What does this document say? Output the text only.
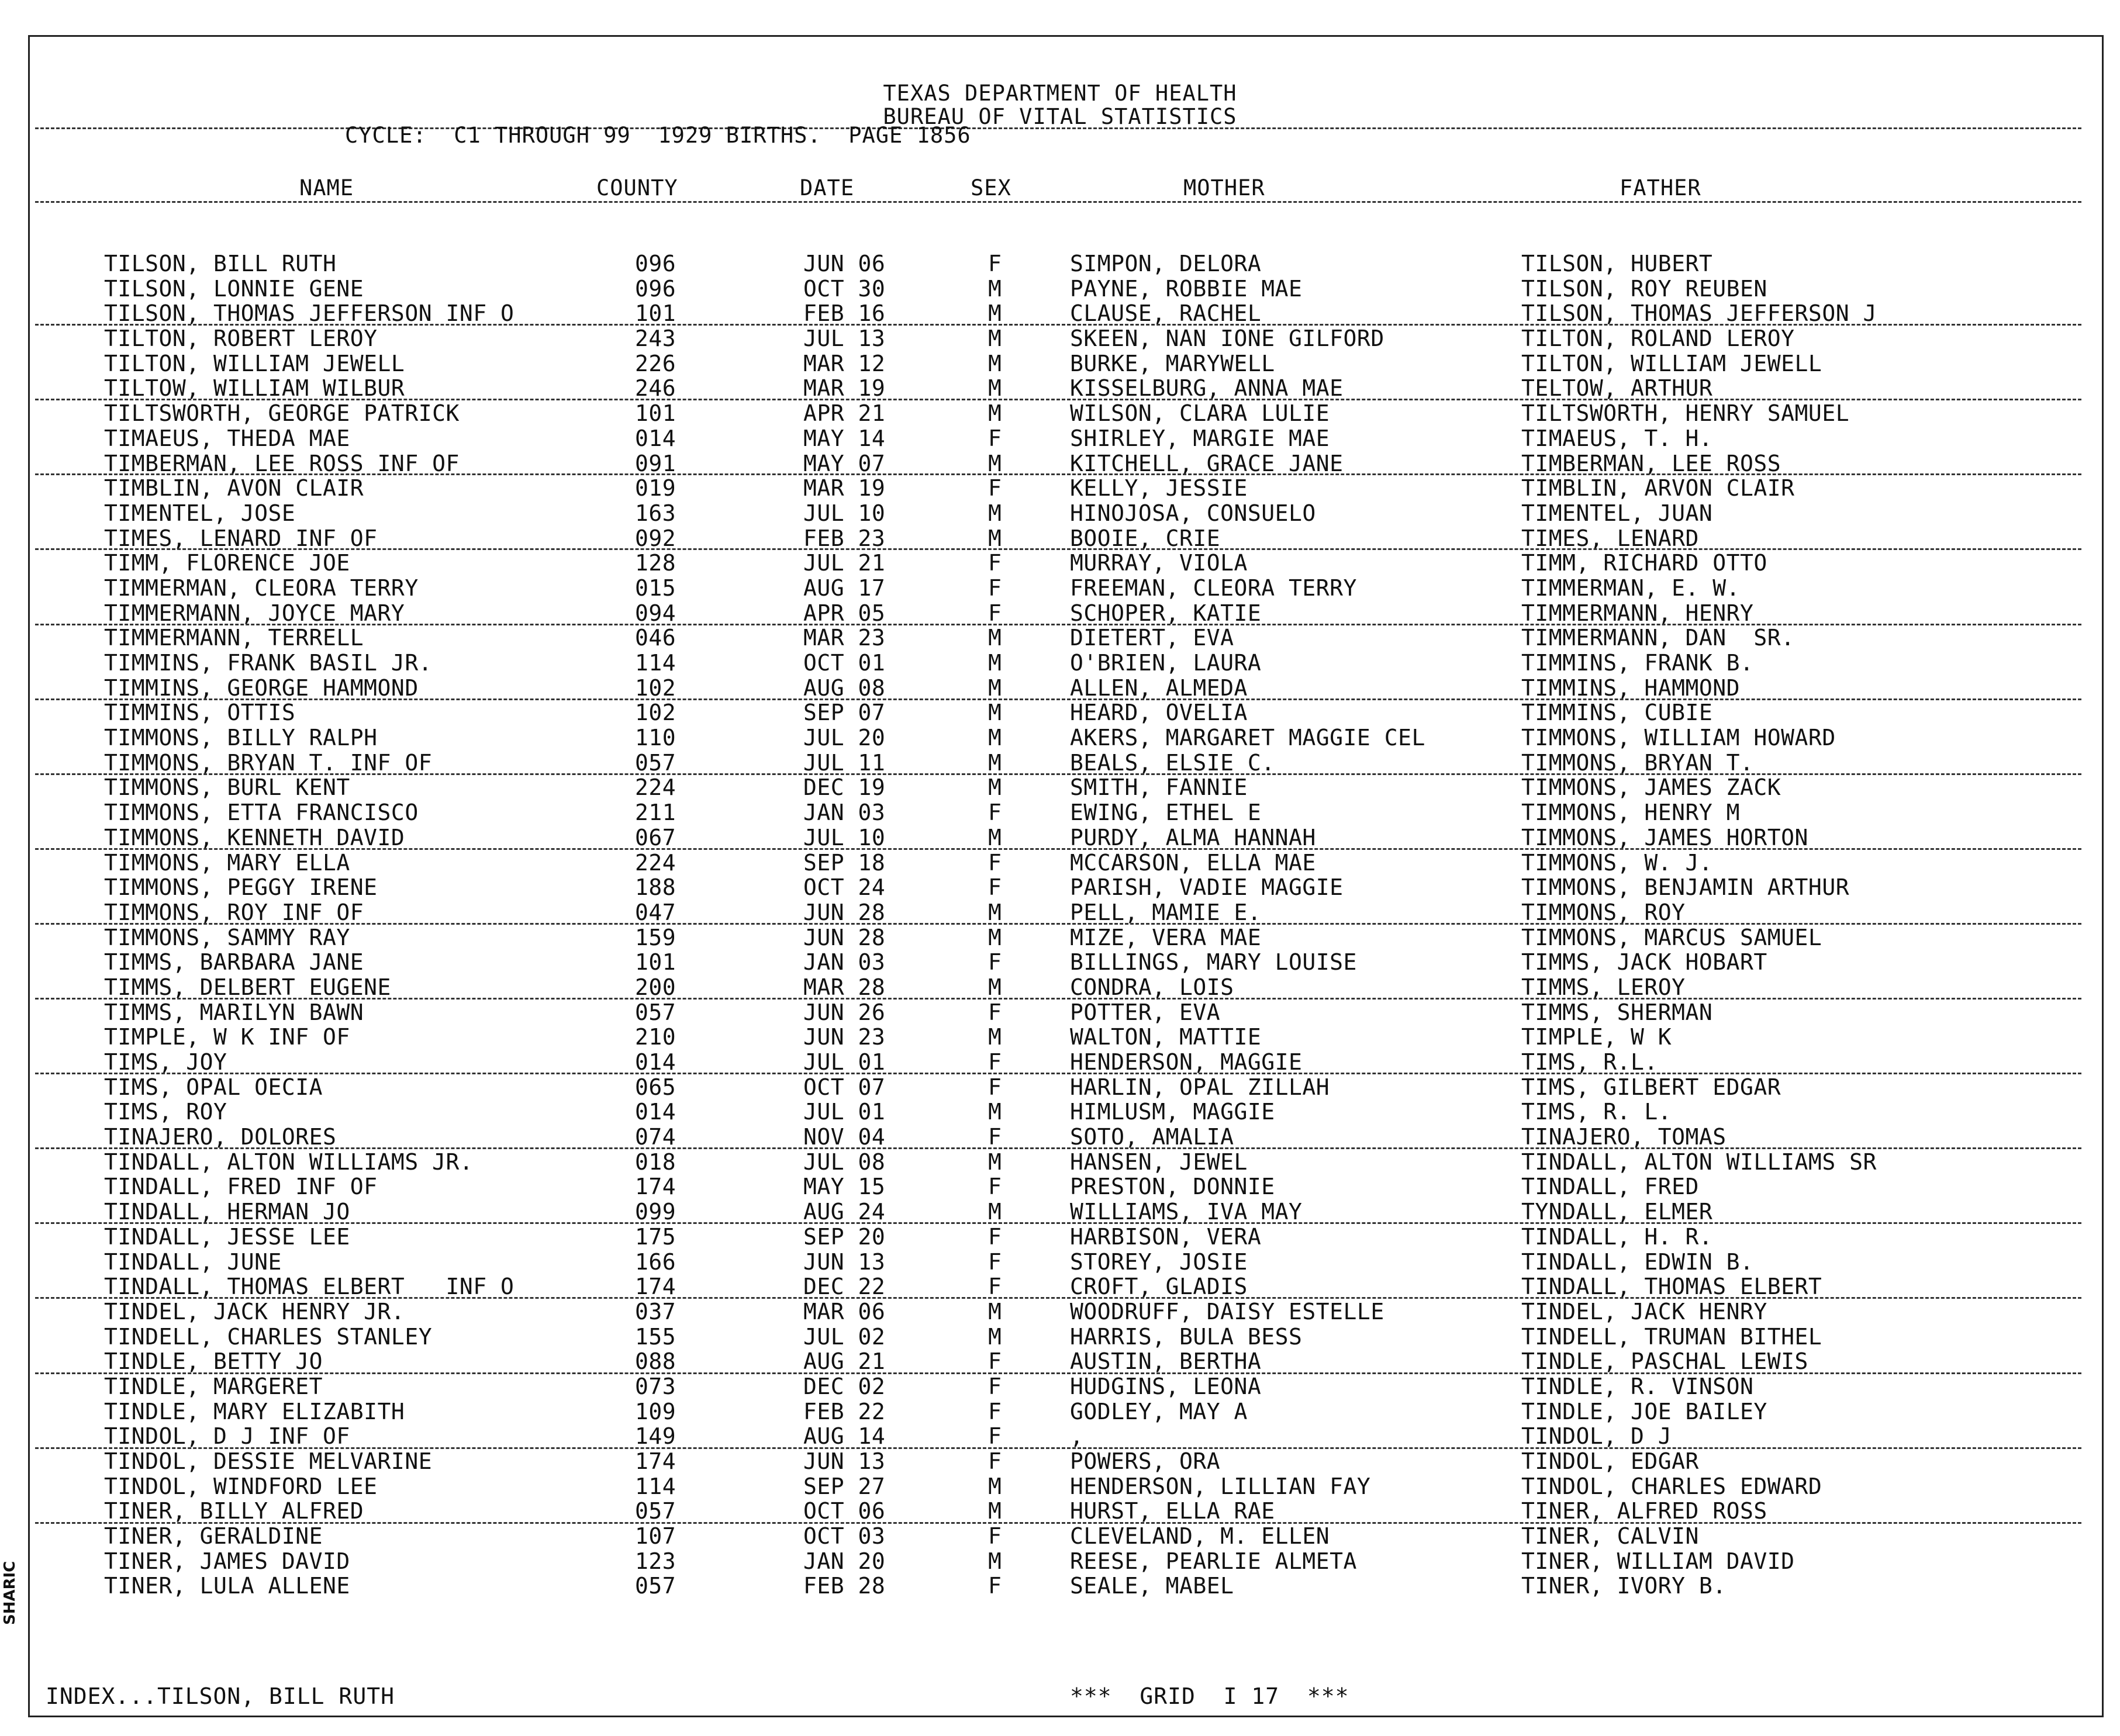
SHARIC
TEXAS DEPARTMENT OF HEALTH
BUREAU OF VITAL STATISTICS
CYCLE:  C1 THROUGH 99  1929 BIRTHS.  PAGE 1856
NAME	COUNTY	DATE	SEX	MOTHER	FATHER
TILSON, BILL RUTH	096	JUN 06	F	SIMPON, DELORA	TILSON, HUBERT
TILSON, LONNIE GENE	096	OCT 30	M	PAYNE, ROBBIE MAE	TILSON, ROY REUBEN
TILSON, THOMAS JEFFERSON INF O	101	FEB 16	M	CLAUSE, RACHEL	TILSON, THOMAS JEFFERSON J
TILTON, ROBERT LEROY	243	JUL 13	M	SKEEN, NAN IONE GILFORD	TILTON, ROLAND LEROY
TILTON, WILLIAM JEWELL	226	MAR 12	M	BURKE, MARYWELL	TILTON, WILLIAM JEWELL
TILTOW, WILLIAM WILBUR	246	MAR 19	M	KISSELBURG, ANNA MAE	TELTOW, ARTHUR
TILTSWORTH, GEORGE PATRICK	101	APR 21	M	WILSON, CLARA LULIE	TILTSWORTH, HENRY SAMUEL
TIMAEUS, THEDA MAE	014	MAY 14	F	SHIRLEY, MARGIE MAE	TIMAEUS, T. H.
TIMBERMAN, LEE ROSS INF OF	091	MAY 07	M	KITCHELL, GRACE JANE	TIMBERMAN, LEE ROSS
TIMBLIN, AVON CLAIR	019	MAR 19	F	KELLY, JESSIE	TIMBLIN, ARVON CLAIR
TIMENTEL, JOSE	163	JUL 10	M	HINOJOSA, CONSUELO	TIMENTEL, JUAN
TIMES, LENARD INF OF	092	FEB 23	M	BOOIE, CRIE	TIMES, LENARD
TIMM, FLORENCE JOE	128	JUL 21	F	MURRAY, VIOLA	TIMM, RICHARD OTTO
TIMMERMAN, CLEORA TERRY	015	AUG 17	F	FREEMAN, CLEORA TERRY	TIMMERMAN, E. W.
TIMMERMANN, JOYCE MARY	094	APR 05	F	SCHOPER, KATIE	TIMMERMANN, HENRY
TIMMERMANN, TERRELL	046	MAR 23	M	DIETERT, EVA	TIMMERMANN, DAN  SR.
TIMMINS, FRANK BASIL JR.	114	OCT 01	M	O'BRIEN, LAURA	TIMMINS, FRANK B.
TIMMINS, GEORGE HAMMOND	102	AUG 08	M	ALLEN, ALMEDA	TIMMINS, HAMMOND
TIMMINS, OTTIS	102	SEP 07	M	HEARD, OVELIA	TIMMINS, CUBIE
TIMMONS, BILLY RALPH	110	JUL 20	M	AKERS, MARGARET MAGGIE CEL	TIMMONS, WILLIAM HOWARD
TIMMONS, BRYAN T. INF OF	057	JUL 11	M	BEALS, ELSIE C.	TIMMONS, BRYAN T.
TIMMONS, BURL KENT	224	DEC 19	M	SMITH, FANNIE	TIMMONS, JAMES ZACK
TIMMONS, ETTA FRANCISCO	211	JAN 03	F	EWING, ETHEL E	TIMMONS, HENRY M
TIMMONS, KENNETH DAVID	067	JUL 10	M	PURDY, ALMA HANNAH	TIMMONS, JAMES HORTON
TIMMONS, MARY ELLA	224	SEP 18	F	MCCARSON, ELLA MAE	TIMMONS, W. J.
TIMMONS, PEGGY IRENE	188	OCT 24	F	PARISH, VADIE MAGGIE	TIMMONS, BENJAMIN ARTHUR
TIMMONS, ROY INF OF	047	JUN 28	M	PELL, MAMIE E.	TIMMONS, ROY
TIMMONS, SAMMY RAY	159	JUN 28	M	MIZE, VERA MAE	TIMMONS, MARCUS SAMUEL
TIMMS, BARBARA JANE	101	JAN 03	F	BILLINGS, MARY LOUISE	TIMMS, JACK HOBART
TIMMS, DELBERT EUGENE	200	MAR 28	M	CONDRA, LOIS	TIMMS, LEROY
TIMMS, MARILYN BAWN	057	JUN 26	F	POTTER, EVA	TIMMS, SHERMAN
TIMPLE, W K INF OF	210	JUN 23	M	WALTON, MATTIE	TIMPLE, W K
TIMS, JOY	014	JUL 01	F	HENDERSON, MAGGIE	TIMS, R.L.
TIMS, OPAL OECIA	065	OCT 07	F	HARLIN, OPAL ZILLAH	TIMS, GILBERT EDGAR
TIMS, ROY	014	JUL 01	M	HIMLUSM, MAGGIE	TIMS, R. L.
TINAJERO, DOLORES	074	NOV 04	F	SOTO, AMALIA	TINAJERO, TOMAS
TINDALL, ALTON WILLIAMS JR.	018	JUL 08	M	HANSEN, JEWEL	TINDALL, ALTON WILLIAMS SR
TINDALL, FRED INF OF	174	MAY 15	F	PRESTON, DONNIE	TINDALL, FRED
TINDALL, HERMAN JO	099	AUG 24	M	WILLIAMS, IVA MAY	TYNDALL, ELMER
TINDALL, JESSE LEE	175	SEP 20	F	HARBISON, VERA	TINDALL, H. R.
TINDALL, JUNE	166	JUN 13	F	STOREY, JOSIE	TINDALL, EDWIN B.
TINDALL, THOMAS ELBERT   INF O	174	DEC 22	F	CROFT, GLADIS	TINDALL, THOMAS ELBERT
TINDEL, JACK HENRY JR.	037	MAR 06	M	WOODRUFF, DAISY ESTELLE	TINDEL, JACK HENRY
TINDELL, CHARLES STANLEY	155	JUL 02	M	HARRIS, BULA BESS	TINDELL, TRUMAN BITHEL
TINDLE, BETTY JO	088	AUG 21	F	AUSTIN, BERTHA	TINDLE, PASCHAL LEWIS
TINDLE, MARGERET	073	DEC 02	F	HUDGINS, LEONA	TINDLE, R. VINSON
TINDLE, MARY ELIZABITH	109	FEB 22	F	GODLEY, MAY A	TINDLE, JOE BAILEY
TINDOL, D J INF OF	149	AUG 14	F	,	TINDOL, D J
TINDOL, DESSIE MELVARINE	174	JUN 13	F	POWERS, ORA	TINDOL, EDGAR
TINDOL, WINDFORD LEE	114	SEP 27	M	HENDERSON, LILLIAN FAY	TINDOL, CHARLES EDWARD
TINER, BILLY ALFRED	057	OCT 06	M	HURST, ELLA RAE	TINER, ALFRED ROSS
TINER, GERALDINE	107	OCT 03	F	CLEVELAND, M. ELLEN	TINER, CALVIN
TINER, JAMES DAVID	123	JAN 20	M	REESE, PEARLIE ALMETA	TINER, WILLIAM DAVID
TINER, LULA ALLENE	057	FEB 28	F	SEALE, MABEL	TINER, IVORY B.
INDEX...TILSON, BILL RUTH	***  GRID  I 17  ***
